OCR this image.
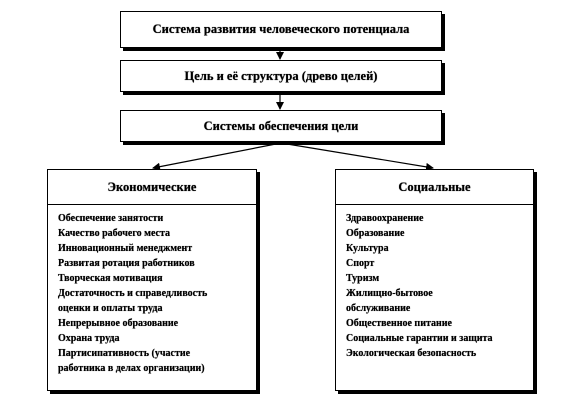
Система развития человеческого потенциала
Цель и её структура (древо целей)
Системы обеспечения цели
Экономические
Обеспечение занятости
Качество рабочего места
Инновационный менеджмент
Развитая ротация работников
Творческая мотивация
Достаточность и справедливость
оценки и оплаты труда
Непрерывное образование
Охрана труда
Партисипативность (участие
работника в делах организации)
Социальные
Здравоохранение
Образование
Культура
Спорт
Туризм
Жилищно-бытовое
обслуживание
Общественное питание
Социальные гарантии и защита
Экологическая безопасность
